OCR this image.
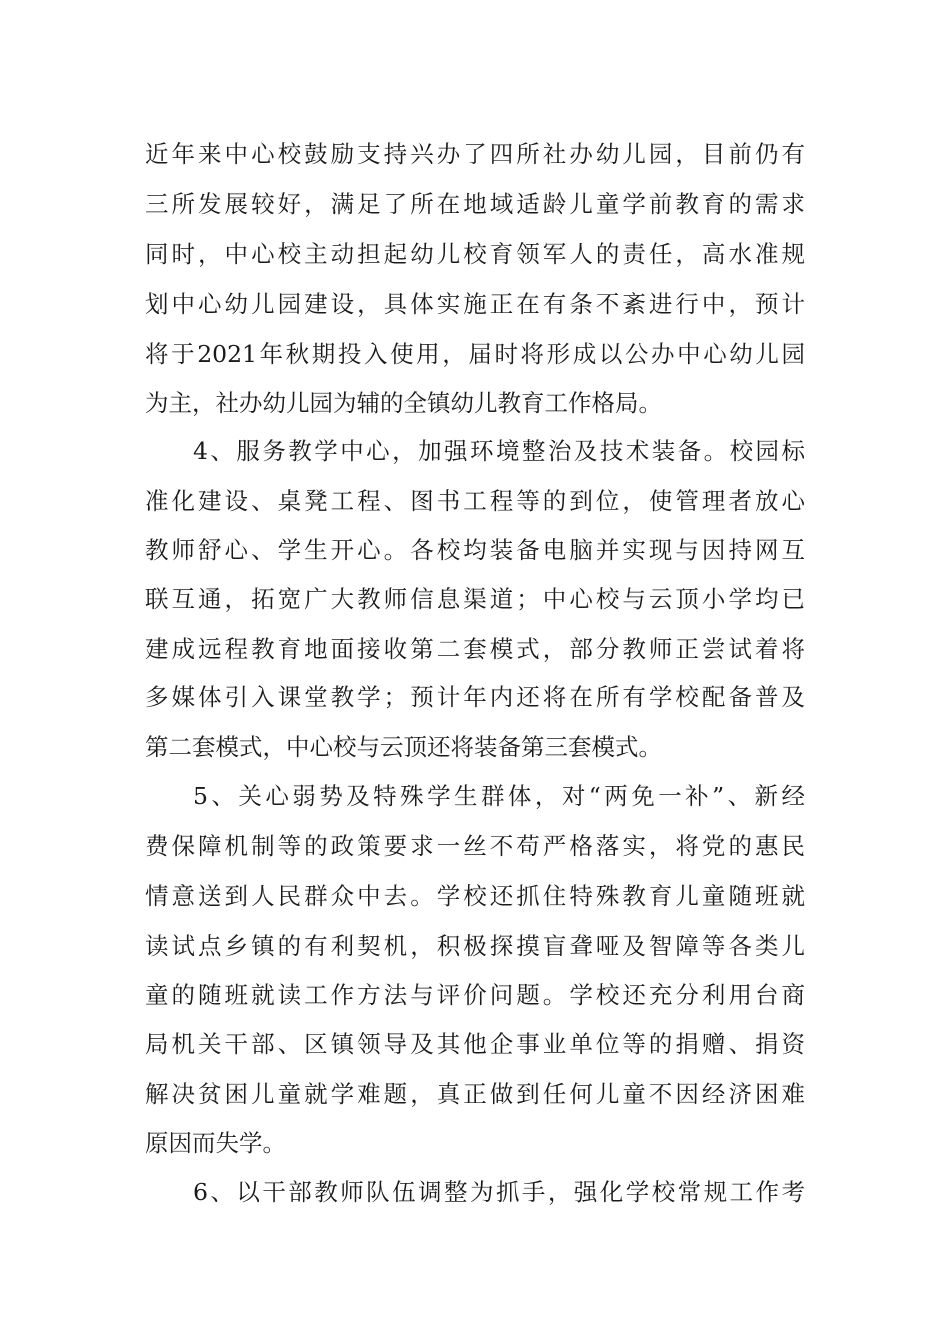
近年来中心校鼓励支持兴办了四所社办幼儿园，目前仍有
三所发展较好，满足了所在地域适龄儿童学前教育的需求
同时，中心校主动担起幼儿校育领军人的责任，高水准规
划中心幼儿园建设，具体实施正在有条不紊进行中，预计
将于2021年秋期投入使用，届时将形成以公办中心幼儿园
为主，社办幼儿园为辅的全镇幼儿教育工作格局。
4、服务教学中心，加强环境整治及技术装备。校园标
准化建设、桌凳工程、图书工程等的到位，使管理者放心
教师舒心、学生开心。各校均装备电脑并实现与因持网互
联互通，拓宽广大教师信息渠道；中心校与云顶小学均已
建成远程教育地面接收第二套模式，部分教师正尝试着将
多媒体引入课堂教学；预计年内还将在所有学校配备普及
第二套模式，中心校与云顶还将装备第三套模式。
5、关心弱势及特殊学生群体，对“两免一补”、新经
费保障机制等的政策要求一丝不苟严格落实，将党的惠民
情意送到人民群众中去。学校还抓住特殊教育儿童随班就
读试点乡镇的有利契机，积极探摸盲聋哑及智障等各类儿
童的随班就读工作方法与评价问题。学校还充分利用台商
局机关干部、区镇领导及其他企事业单位等的捐赠、捐资
解决贫困儿童就学难题，真正做到任何儿童不因经济困难
原因而失学。
6、以干部教师队伍调整为抓手，强化学校常规工作考
